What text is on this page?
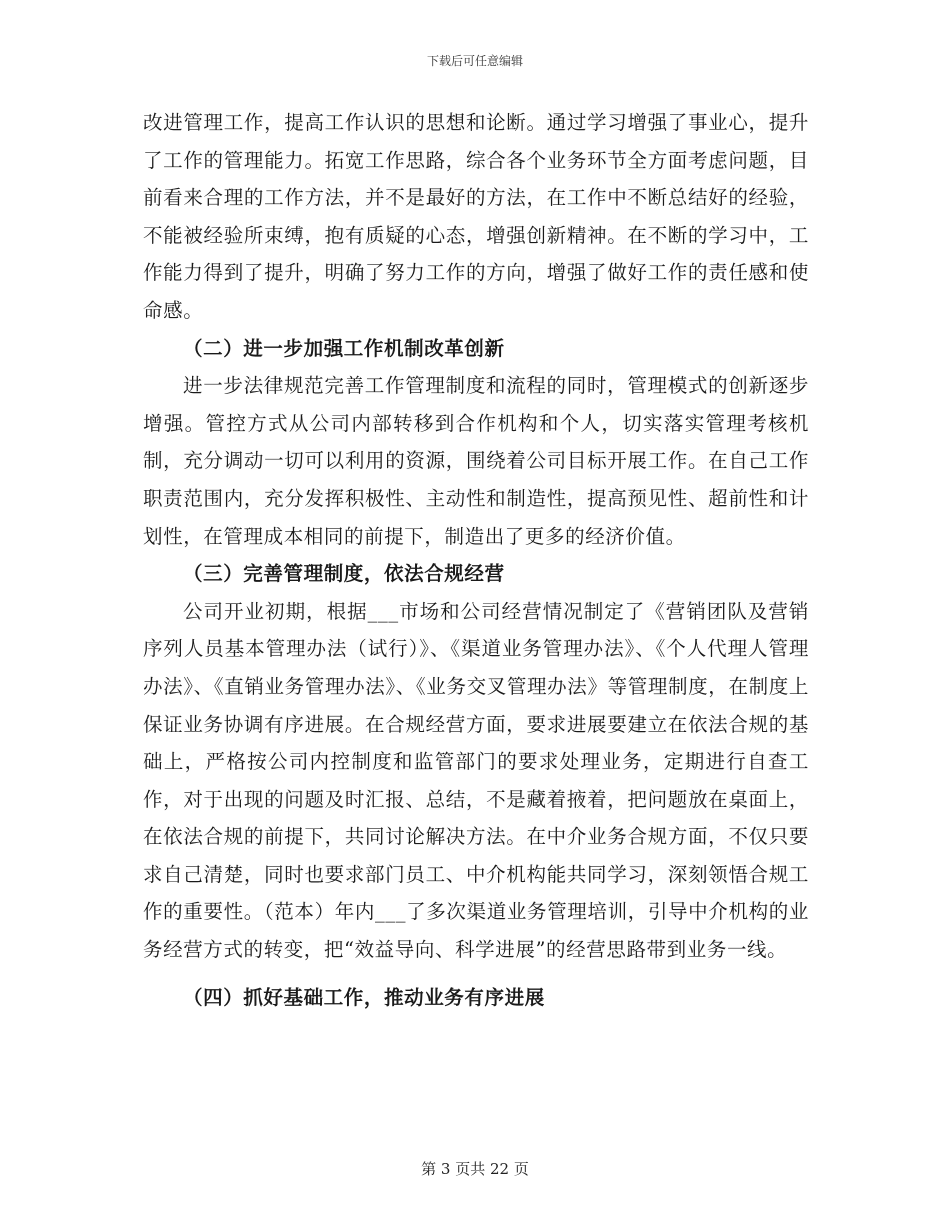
下载后可任意编辑

改进管理工作，提高工作认识的思想和论断。通过学习增强了事业心，提升了工作的管理能力。拓宽工作思路，综合各个业务环节全方面考虑问题，目前看来合理的工作方法，并不是最好的方法，在工作中不断总结好的经验，不能被经验所束缚，抱有质疑的心态，增强创新精神。在不断的学习中，工作能力得到了提升，明确了努力工作的方向，增强了做好工作的责任感和使命感。

（二）进一步加强工作机制改革创新

进一步法律规范完善工作管理制度和流程的同时，管理模式的创新逐步增强。管控方式从公司内部转移到合作机构和个人，切实落实管理考核机制，充分调动一切可以利用的资源，围绕着公司目标开展工作。在自己工作职责范围内，充分发挥积极性、主动性和制造性，提高预见性、超前性和计划性，在管理成本相同的前提下，制造出了更多的经济价值。

（三）完善管理制度，依法合规经营

公司开业初期，根据___市场和公司经营情况制定了《营销团队及营销序列人员基本管理办法（试行）》、《渠道业务管理办法》、《个人代理人管理办法》、《直销业务管理办法》、《业务交叉管理办法》等管理制度，在制度上保证业务协调有序进展。在合规经营方面，要求进展要建立在依法合规的基础上，严格按公司内控制度和监管部门的要求处理业务，定期进行自查工作，对于出现的问题及时汇报、总结，不是藏着掖着，把问题放在桌面上，在依法合规的前提下，共同讨论解决方法。在中介业务合规方面，不仅只要求自己清楚，同时也要求部门员工、中介机构能共同学习，深刻领悟合规工作的重要性。（范本）年内___了多次渠道业务管理培训，引导中介机构的业务经营方式的转变，把“效益导向、科学进展”的经营思路带到业务一线。

（四）抓好基础工作，推动业务有序进展

第 3 页共 22 页
